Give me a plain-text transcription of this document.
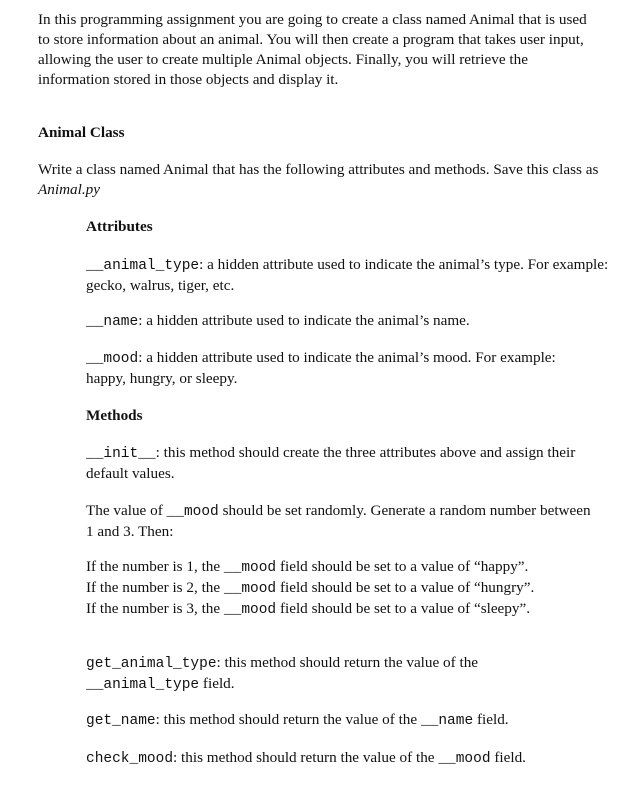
In this programming assignment you are going to create a class named Animal that is used to store information about an animal. You will then create a program that takes user input, allowing the user to create multiple Animal objects. Finally, you will retrieve the information stored in those objects and display it.

Animal Class

Write a class named Animal that has the following attributes and methods. Save this class as Animal.py

Attributes

__animal_type: a hidden attribute used to indicate the animal’s type. For example: gecko, walrus, tiger, etc.

__name: a hidden attribute used to indicate the animal’s name.

__mood: a hidden attribute used to indicate the animal’s mood. For example: happy, hungry, or sleepy.

Methods

__init__: this method should create the three attributes above and assign their default values.

The value of __mood should be set randomly. Generate a random number between 1 and 3. Then:

If the number is 1, the __mood field should be set to a value of “happy”.
If the number is 2, the __mood field should be set to a value of “hungry”.
If the number is 3, the __mood field should be set to a value of “sleepy”.

get_animal_type: this method should return the value of the __animal_type field.

get_name: this method should return the value of the __name field.

check_mood: this method should return the value of the __mood field.
